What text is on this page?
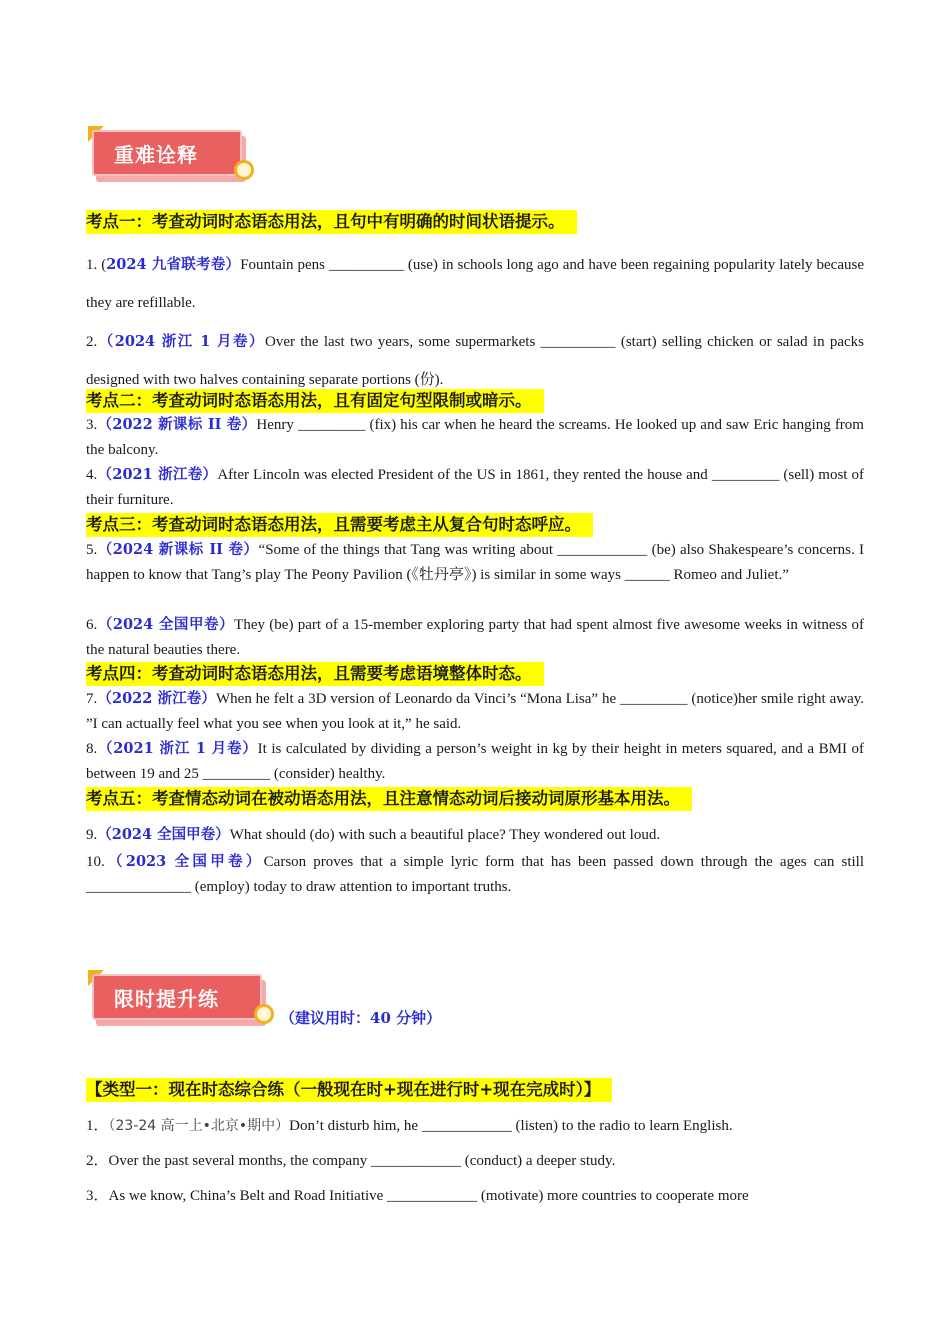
重难诠释
考点一：考查动词时态语态用法，且句中有明确的时间状语提示。
1. (2024 九省联考卷）Fountain pens __________ (use) in schools long ago and have been regaining popularity lately because they are refillable.
2.（2024 浙江 1 月卷）Over the last two years, some supermarkets __________ (start) selling chicken or salad in packs designed with two halves containing separate portions (份).
考点二：考查动词时态语态用法，且有固定句型限制或暗示。
3.（2022 新课标 II 卷）Henry _________ (fix) his car when he heard the screams. He looked up and saw Eric hanging from the balcony.
4.（2021 浙江卷）After Lincoln was elected President of the US in 1861, they rented the house and _________ (sell) most of their furniture.
考点三：考查动词时态语态用法，且需要考虑主从复合句时态呼应。
5.（2024 新课标 II 卷）“Some of the things that Tang was writing about ____________ (be) also Shakespeare’s concerns. I happen to know that Tang’s play The Peony Pavilion (《牡丹亭》) is similar in some ways ______ Romeo and Juliet.”
6.（2024 全国甲卷）They (be) part of a 15-member exploring party that had spent almost five awesome weeks in witness of the natural beauties there.
考点四：考查动词时态语态用法，且需要考虑语境整体时态。
7.（2022 浙江卷）When he felt a 3D version of Leonardo da Vinci’s “Mona Lisa” he _________ (notice)her smile right away. ”I can actually feel what you see when you look at it,” he said.
8.（2021 浙江 1 月卷）It is calculated by dividing a person’s weight in kg by their height in meters squared, and a BMI of between 19 and 25 _________ (consider) healthy.
考点五：考查情态动词在被动语态用法，且注意情态动词后接动词原形基本用法。
9.（2024 全国甲卷）What should (do) with such a beautiful place? They wondered out loud.
10.（2023 全国甲卷）Carson proves that a simple lyric form that has been passed down through the ages can still ______________ (employ) today to draw attention to important truths.
限时提升练
（建议用时：40 分钟）
【类型一：现在时态综合练（一般现在时+现在进行时+现在完成时）】
1．（23-24 高一上•北京•期中）Don’t disturb him, he ____________ (listen) to the radio to learn English.
2．Over the past several months, the company ____________ (conduct) a deeper study.
3．As we know, China’s Belt and Road Initiative ____________ (motivate) more countries to cooperate more
